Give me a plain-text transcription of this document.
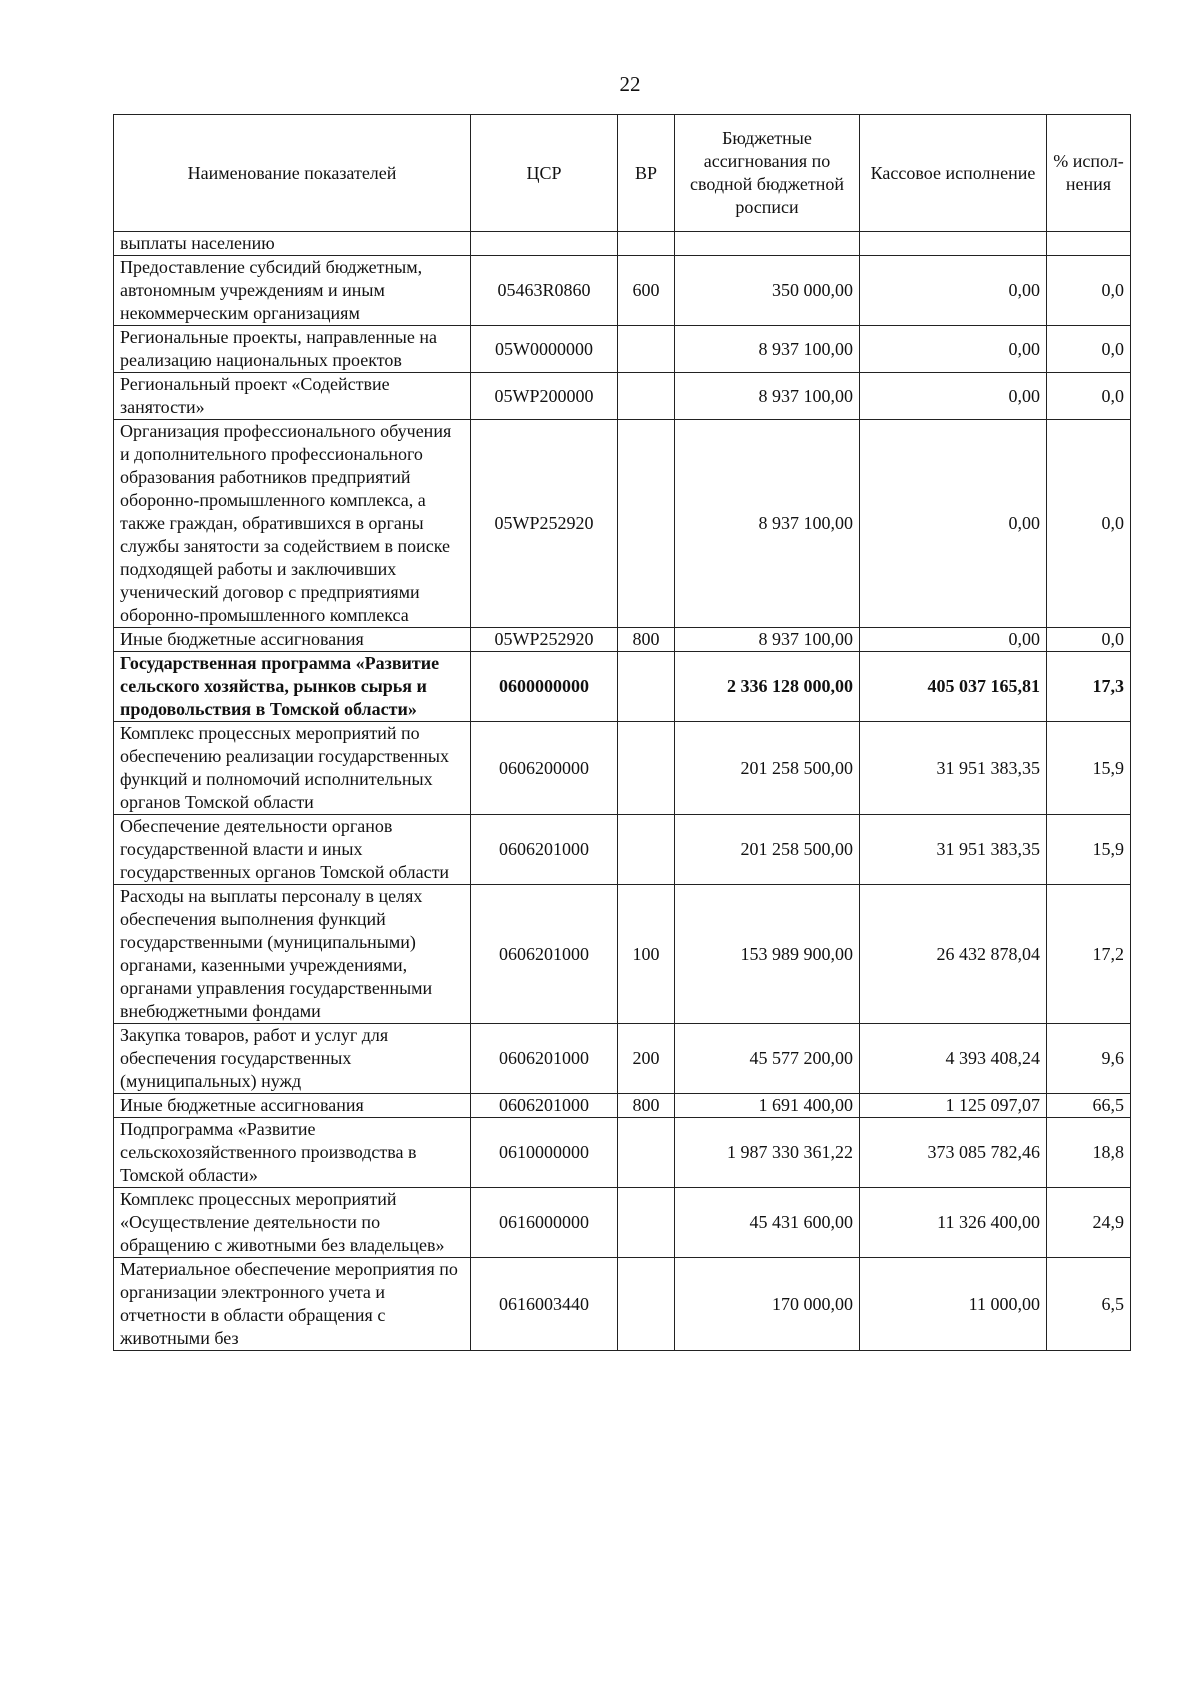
22
Наименование показателей	ЦСР	ВР	Бюджетные ассигнования по сводной бюджетной росписи	Кассовое исполнение	% испол-нения
выплаты населению					
Предоставление субсидий бюджетным, автономным учреждениям и иным некоммерческим организациям	05463R0860	600	350 000,00	0,00	0,0
Региональные проекты, направленные на реализацию национальных проектов	05W0000000		8 937 100,00	0,00	0,0
Региональный проект «Содействие занятости»	05WP200000		8 937 100,00	0,00	0,0
Организация профессионального обучения и дополнительного профессионального образования работников предприятий оборонно-промышленного комплекса, а также граждан, обратившихся в органы службы занятости за содействием в поиске подходящей работы и заключивших ученический договор с предприятиями оборонно-промышленного комплекса	05WP252920		8 937 100,00	0,00	0,0
Иные бюджетные ассигнования	05WP252920	800	8 937 100,00	0,00	0,0
Государственная программа «Развитие сельского хозяйства, рынков сырья и продовольствия в Томской области»	0600000000		2 336 128 000,00	405 037 165,81	17,3
Комплекс процессных мероприятий по обеспечению реализации государственных функций и полномочий исполнительных органов Томской области	0606200000		201 258 500,00	31 951 383,35	15,9
Обеспечение деятельности органов государственной власти и иных государственных органов Томской области	0606201000		201 258 500,00	31 951 383,35	15,9
Расходы на выплаты персоналу в целях обеспечения выполнения функций государственными (муниципальными) органами, казенными учреждениями, органами управления государственными внебюджетными фондами	0606201000	100	153 989 900,00	26 432 878,04	17,2
Закупка товаров, работ и услуг для обеспечения государственных (муниципальных) нужд	0606201000	200	45 577 200,00	4 393 408,24	9,6
Иные бюджетные ассигнования	0606201000	800	1 691 400,00	1 125 097,07	66,5
Подпрограмма «Развитие сельскохозяйственного производства в Томской области»	0610000000		1 987 330 361,22	373 085 782,46	18,8
Комплекс процессных мероприятий «Осуществление деятельности по обращению с животными без владельцев»	0616000000		45 431 600,00	11 326 400,00	24,9
Материальное обеспечение мероприятия по организации электронного учета и отчетности в области обращения с животными без	0616003440		170 000,00	11 000,00	6,5
